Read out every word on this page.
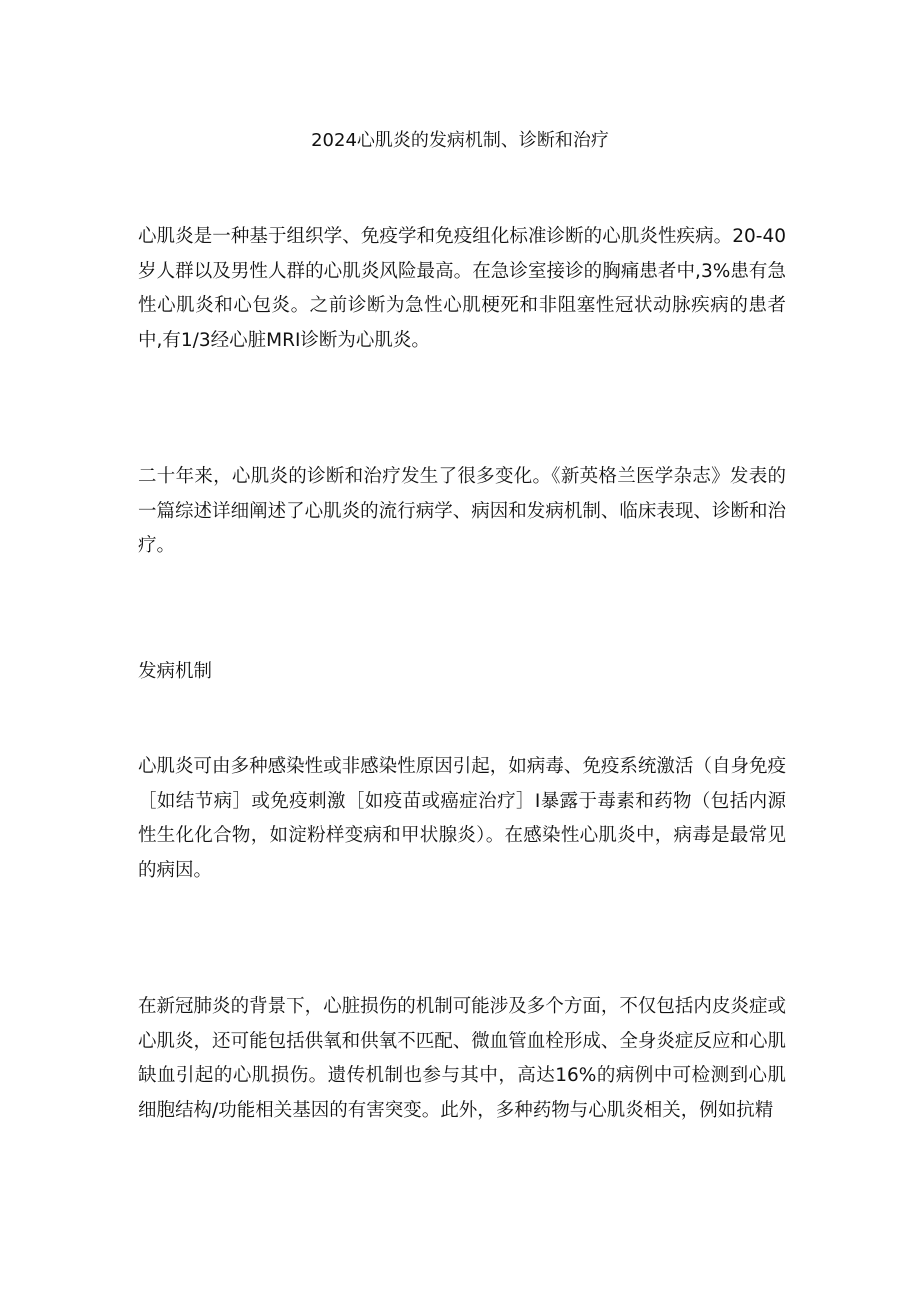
2024心肌炎的发病机制、诊断和治疗
心肌炎是一种基于组织学、免疫学和免疫组化标准诊断的心肌炎性疾病。20-40岁人群以及男性人群的心肌炎风险最高。在急诊室接诊的胸痛患者中,3%患有急性心肌炎和心包炎。之前诊断为急性心肌梗死和非阻塞性冠状动脉疾病的患者中,有1/3经心脏MRI诊断为心肌炎。
二十年来，心肌炎的诊断和治疗发生了很多变化。《新英格兰医学杂志》发表的一篇综述详细阐述了心肌炎的流行病学、病因和发病机制、临床表现、诊断和治疗。
发病机制
心肌炎可由多种感染性或非感染性原因引起，如病毒、免疫系统激活（自身免疫［如结节病］或免疫刺激［如疫苗或癌症治疗］I暴露于毒素和药物（包括内源性生化化合物，如淀粉样变病和甲状腺炎）。在感染性心肌炎中，病毒是最常见的病因。
在新冠肺炎的背景下，心脏损伤的机制可能涉及多个方面，不仅包括内皮炎症或心肌炎，还可能包括供氧和供氧不匹配、微血管血栓形成、全身炎症反应和心肌缺血引起的心肌损伤。遗传机制也参与其中，高达16%的病例中可检测到心肌细胞结构/功能相关基因的有害突变。此外，多种药物与心肌炎相关，例如抗精
